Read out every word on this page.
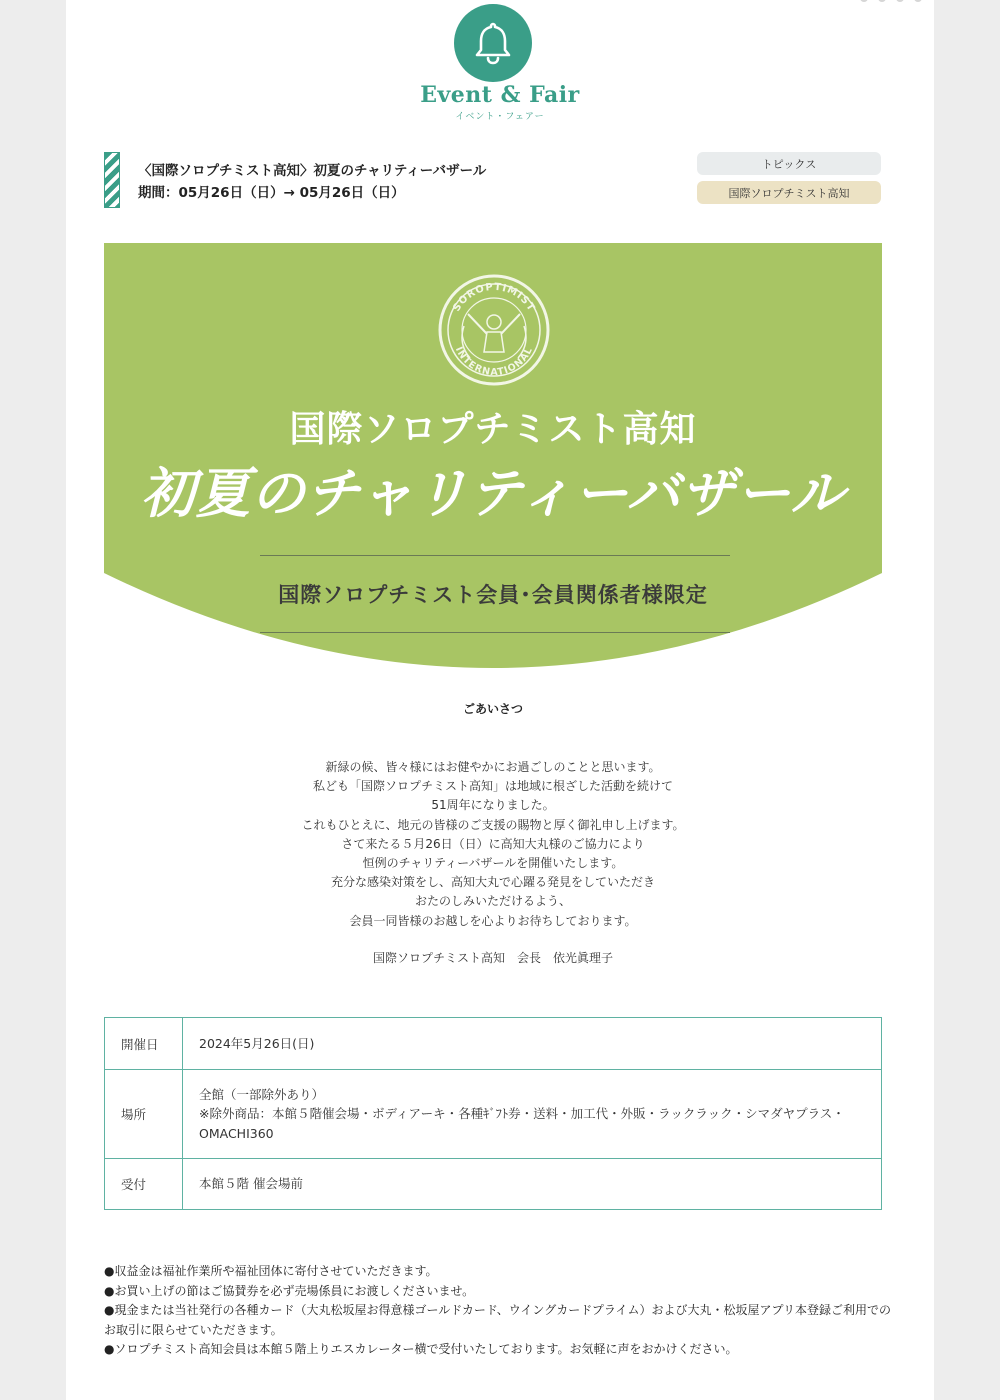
Event & Fair
イベント・フェアー
〈国際ソロプチミスト高知〉初夏のチャリティーバザール
期間：05月26日（日）→ 05月26日（日）
トピックス
国際ソロプチミスト高知
SOROPTIMIST
INTERNATIONAL
国際ソロプチミスト高知
初夏のチャリティーバザール
国際ソロプチミスト会員･会員関係者様限定
ごあいさつ
新緑の候、皆々様にはお健やかにお過ごしのことと思います。
私ども「国際ソロプチミスト高知」は地域に根ざした活動を続けて
51周年になりました。
これもひとえに、地元の皆様のご支援の賜物と厚く御礼申し上げます。
さて来たる５月26日（日）に高知大丸様のご協力により
恒例のチャリティーバザールを開催いたします。
充分な感染対策をし、高知大丸で心躍る発見をしていただき
おたのしみいただけるよう、
会員一同皆様のお越しを心よりお待ちしております。
国際ソロプチミスト高知　会長　依光眞理子
開催日	2024年5月26日(日)
場所	全館（一部除外あり）
※除外商品：本館５階催会場・ボディアーキ・各種ｷﾞﾌﾄ券・送料・加工代・外販・ラックラック・シマダヤプラス・OMACHI360

受付	本館５階 催会場前
●収益金は福祉作業所や福祉団体に寄付させていただきます。
●お買い上げの節はご協賛券を必ず売場係員にお渡しくださいませ。
●現金または当社発行の各種カード（大丸松坂屋お得意様ゴールドカード、ウイングカードプライム）および大丸・松坂屋アプリ本登録ご利用でのお取引に限らせていただきます。
●ソロプチミスト高知会員は本館５階上りエスカレーター横で受付いたしております。お気軽に声をおかけください。
